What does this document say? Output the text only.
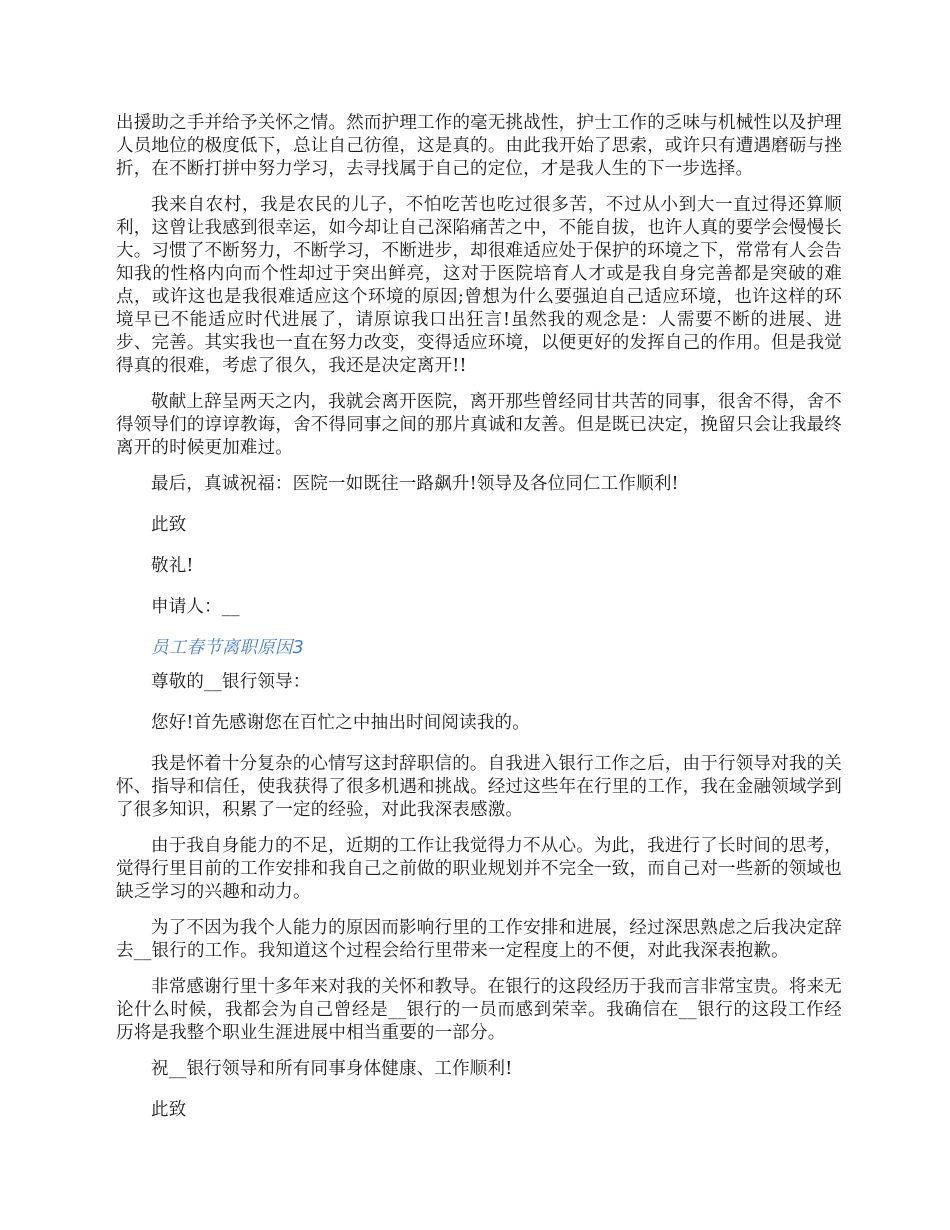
出援助之手并给予关怀之情。然而护理工作的毫无挑战性，护士工作的乏味与机械性以及护理人员地位的极度低下，总让自己彷徨，这是真的。由此我开始了思索，或许只有遭遇磨砺与挫折，在不断打拼中努力学习，去寻找属于自己的定位，才是我人生的下一步选择。

我来自农村，我是农民的儿子，不怕吃苦也吃过很多苦，不过从小到大一直过得还算顺利，这曾让我感到很幸运，如今却让自己深陷痛苦之中，不能自拔，也许人真的要学会慢慢长大。习惯了不断努力，不断学习，不断进步，却很难适应处于保护的环境之下，常常有人会告知我的性格内向而个性却过于突出鲜亮，这对于医院培育人才或是我自身完善都是突破的难点，或许这也是我很难适应这个环境的原因;曾想为什么要强迫自己适应环境，也许这样的环境早已不能适应时代进展了，请原谅我口出狂言!虽然我的观念是：人需要不断的进展、进步、完善。其实我也一直在努力改变，变得适应环境，以便更好的发挥自己的作用。但是我觉得真的很难，考虑了很久，我还是决定离开!!

敬献上辞呈两天之内，我就会离开医院，离开那些曾经同甘共苦的同事，很舍不得，舍不得领导们的谆谆教诲，舍不得同事之间的那片真诚和友善。但是既已决定，挽留只会让我最终离开的时候更加难过。

最后，真诚祝福：医院一如既往一路飙升!领导及各位同仁工作顺利!

此致

敬礼!

申请人：__

员工春节离职原因3

尊敬的__银行领导：

您好!首先感谢您在百忙之中抽出时间阅读我的。

我是怀着十分复杂的心情写这封辞职信的。自我进入银行工作之后，由于行领导对我的关怀、指导和信任，使我获得了很多机遇和挑战。经过这些年在行里的工作，我在金融领域学到了很多知识，积累了一定的经验，对此我深表感激。

由于我自身能力的不足，近期的工作让我觉得力不从心。为此，我进行了长时间的思考，觉得行里目前的工作安排和我自己之前做的职业规划并不完全一致，而自己对一些新的领域也缺乏学习的兴趣和动力。

为了不因为我个人能力的原因而影响行里的工作安排和进展，经过深思熟虑之后我决定辞去__银行的工作。我知道这个过程会给行里带来一定程度上的不便，对此我深表抱歉。

非常感谢行里十多年来对我的关怀和教导。在银行的这段经历于我而言非常宝贵。将来无论什么时候，我都会为自己曾经是__银行的一员而感到荣幸。我确信在__银行的这段工作经历将是我整个职业生涯进展中相当重要的一部分。

祝__银行领导和所有同事身体健康、工作顺利!

此致
